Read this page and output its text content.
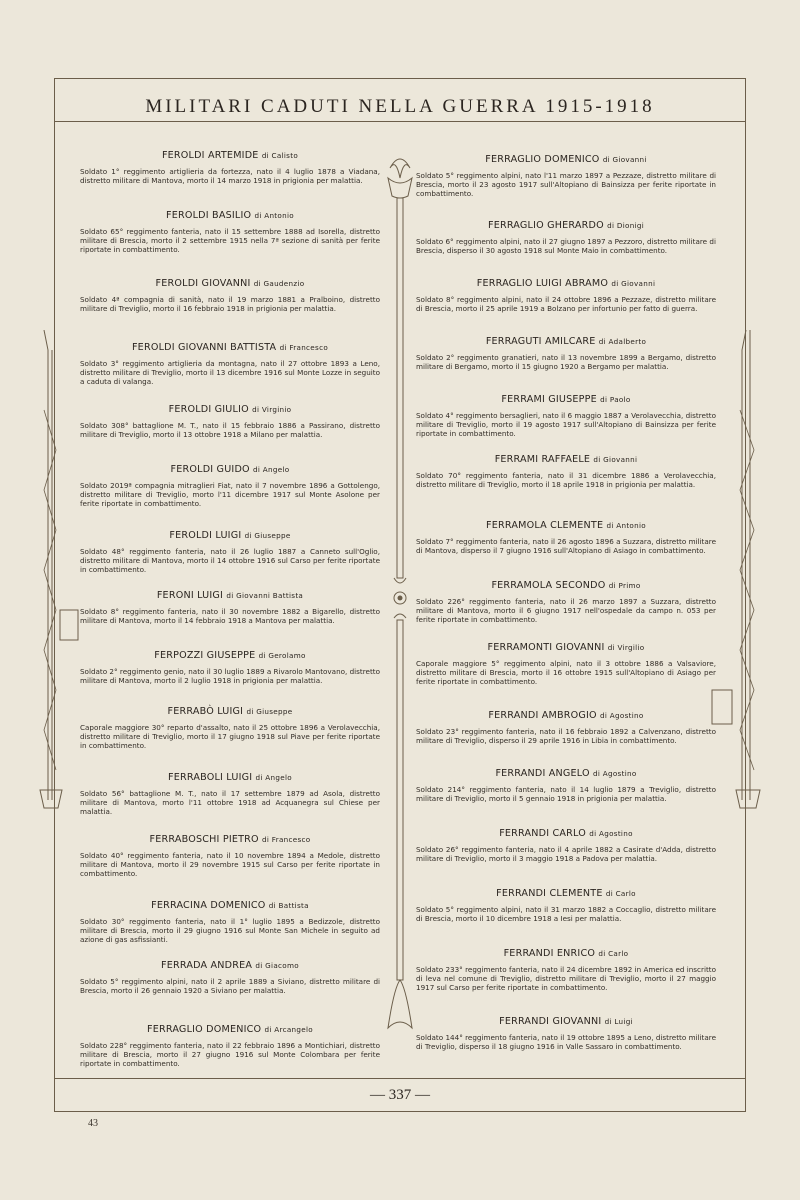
MILITARI CADUTI NELLA GUERRA 1915-1918

FEROLDI ARTEMIDE di Calisto

Soldato 1° reggimento artiglieria da fortezza, nato il 4 luglio 1878 a Viadana, distretto militare di Mantova, morto il 14 marzo 1918 in prigionia per malattia.

FEROLDI BASILIO di Antonio

Soldato 65° reggimento fanteria, nato il 15 settembre 1888 ad Isorella, distretto militare di Brescia, morto il 2 settembre 1915 nella 7ª sezione di sanità per ferite riportate in combattimento.

FEROLDI GIOVANNI di Gaudenzio

Soldato 4ª compagnia di sanità, nato il 19 marzo 1881 a Pralboino, distretto militare di Treviglio, morto il 16 febbraio 1918 in prigionia per malattia.

FEROLDI GIOVANNI BATTISTA di Francesco

Soldato 3° reggimento artiglieria da montagna, nato il 27 ottobre 1893 a Leno, distretto militare di Treviglio, morto il 13 dicembre 1916 sul Monte Lozze in seguito a caduta di valanga.

FEROLDI GIULIO di Virginio

Soldato 308° battaglione M. T., nato il 15 febbraio 1886 a Passirano, distretto militare di Treviglio, morto il 13 ottobre 1918 a Milano per malattia.

FEROLDI GUIDO di Angelo

Soldato 2019ª compagnia mitraglieri Fiat, nato il 7 novembre 1896 a Gottolengo, distretto militare di Treviglio, morto l'11 dicembre 1917 sul Monte Asolone per ferite riportate in combattimento.

FEROLDI LUIGI di Giuseppe

Soldato 48° reggimento fanteria, nato il 26 luglio 1887 a Canneto sull'Oglio, distretto militare di Mantova, morto il 14 ottobre 1916 sul Carso per ferite riportate in combattimento.

FERONI LUIGI di Giovanni Battista

Soldato 8° reggimento fanteria, nato il 30 novembre 1882 a Bigarello, distretto militare di Mantova, morto il 14 febbraio 1918 a Mantova per malattia.

FERPOZZI GIUSEPPE di Gerolamo

Soldato 2° reggimento genio, nato il 30 luglio 1889 a Rivarolo Mantovano, distretto militare di Mantova, morto il 2 luglio 1918 in prigionia per malattia.

FERRABÒ LUIGI di Giuseppe

Caporale maggiore 30° reparto d'assalto, nato il 25 ottobre 1896 a Verolavecchia, distretto militare di Treviglio, morto il 17 giugno 1918 sul Piave per ferite riportate in combattimento.

FERRABOLI LUIGI di Angelo

Soldato 56° battaglione M. T., nato il 17 settembre 1879 ad Asola, distretto militare di Mantova, morto l'11 ottobre 1918 ad Acquanegra sul Chiese per malattia.

FERRABOSCHI PIETRO di Francesco

Soldato 40° reggimento fanteria, nato il 10 novembre 1894 a Medole, distretto militare di Mantova, morto il 29 novembre 1915 sul Carso per ferite riportate in combattimento.

FERRACINA DOMENICO di Battista

Soldato 30° reggimento fanteria, nato il 1° luglio 1895 a Bedizzole, distretto militare di Brescia, morto il 29 giugno 1916 sul Monte San Michele in seguito ad azione di gas asfissianti.

FERRADA ANDREA di Giacomo

Soldato 5° reggimento alpini, nato il 2 aprile 1889 a Siviano, distretto militare di Brescia, morto il 26 gennaio 1920 a Siviano per malattia.

FERRAGLIO DOMENICO di Arcangelo

Soldato 228° reggimento fanteria, nato il 22 febbraio 1896 a Montichiari, distretto militare di Brescia, morto il 27 giugno 1916 sul Monte Colombara per ferite riportate in combattimento.

FERRAGLIO DOMENICO di Giovanni

Soldato 5° reggimento alpini, nato l'11 marzo 1897 a Pezzaze, distretto militare di Brescia, morto il 23 agosto 1917 sull'Altopiano di Bainsizza per ferite riportate in combattimento.

FERRAGLIO GHERARDO di Dionigi

Soldato 6° reggimento alpini, nato il 27 giugno 1897 a Pezzoro, distretto militare di Brescia, disperso il 30 agosto 1918 sul Monte Maio in combattimento.

FERRAGLIO LUIGI ABRAMO di Giovanni

Soldato 8° reggimento alpini, nato il 24 ottobre 1896 a Pezzaze, distretto militare di Brescia, morto il 25 aprile 1919 a Bolzano per infortunio per fatto di guerra.

FERRAGUTI AMILCARE di Adalberto

Soldato 2° reggimento granatieri, nato il 13 novembre 1899 a Bergamo, distretto militare di Bergamo, morto il 15 giugno 1920 a Bergamo per malattia.

FERRAMI GIUSEPPE di Paolo

Soldato 4° reggimento bersaglieri, nato il 6 maggio 1887 a Verolavecchia, distretto militare di Treviglio, morto il 19 agosto 1917 sull'Altopiano di Bainsizza per ferite riportate in combattimento.

FERRAMI RAFFAELE di Giovanni

Soldato 70° reggimento fanteria, nato il 31 dicembre 1886 a Verolavecchia, distretto militare di Treviglio, morto il 18 aprile 1918 in prigionia per malattia.

FERRAMOLA CLEMENTE di Antonio

Soldato 7° reggimento fanteria, nato il 26 agosto 1896 a Suzzara, distretto militare di Mantova, disperso il 7 giugno 1916 sull'Altopiano di Asiago in combattimento.

FERRAMOLA SECONDO di Primo

Soldato 226° reggimento fanteria, nato il 26 marzo 1897 a Suzzara, distretto militare di Mantova, morto il 6 giugno 1917 nell'ospedale da campo n. 053 per ferite riportate in combattimento.

FERRAMONTI GIOVANNI di Virgilio

Caporale maggiore 5° reggimento alpini, nato il 3 ottobre 1886 a Valsaviore, distretto militare di Brescia, morto il 16 ottobre 1915 sull'Altopiano di Asiago per ferite riportate in combattimento.

FERRANDI AMBROGIO di Agostino

Soldato 23° reggimento fanteria, nato il 16 febbraio 1892 a Calvenzano, distretto militare di Treviglio, disperso il 29 aprile 1916 in Libia in combattimento.

FERRANDI ANGELO di Agostino

Soldato 214° reggimento fanteria, nato il 14 luglio 1879 a Treviglio, distretto militare di Treviglio, morto il 5 gennaio 1918 in prigionia per malattia.

FERRANDI CARLO di Agostino

Soldato 26° reggimento fanteria, nato il 4 aprile 1882 a Casirate d'Adda, distretto militare di Treviglio, morto il 3 maggio 1918 a Padova per malattia.

FERRANDI CLEMENTE di Carlo

Soldato 5° reggimento alpini, nato il 31 marzo 1882 a Coccaglio, distretto militare di Brescia, morto il 10 dicembre 1918 a Iesi per malattia.

FERRANDI ENRICO di Carlo

Soldato 233° reggimento fanteria, nato il 24 dicembre 1892 in America ed inscritto di leva nel comune di Treviglio, distretto militare di Treviglio, morto il 27 maggio 1917 sul Carso per ferite riportate in combattimento.

FERRANDI GIOVANNI di Luigi

Soldato 144° reggimento fanteria, nato il 19 ottobre 1895 a Leno, distretto militare di Treviglio, disperso il 18 giugno 1916 in Valle Sassaro in combattimento.

— 337 —
43
